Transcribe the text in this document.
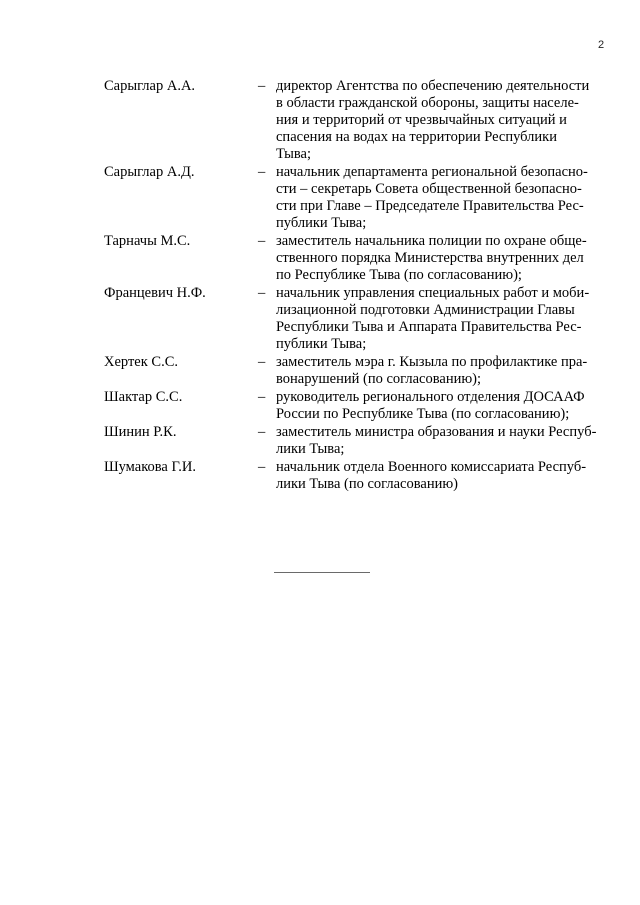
2
Сарыглар А.А.	– директор Агентства по обеспечению деятельности
в области гражданской обороны, защиты населе-
ния и территорий от чрезвычайных ситуаций и
спасения на водах на территории Республики
Тыва;
Сарыглар А.Д.	– начальник департамента региональной безопасно-
сти – секретарь Совета общественной безопасно-
сти при Главе – Председателе Правительства Рес-
публики Тыва;
Тарначы М.С.	– заместитель начальника полиции по охране обще-
ственного порядка Министерства внутренних дел
по Республике Тыва (по согласованию);
Францевич Н.Ф.	– начальник управления специальных работ и моби-
лизационной подготовки Администрации Главы
Республики Тыва и Аппарата Правительства Рес-
публики Тыва;
Хертек С.С.	– заместитель мэра г. Кызыла по профилактике пра-
вонарушений (по согласованию);
Шактар С.С.	– руководитель регионального отделения ДОСААФ
России по Республике Тыва (по согласованию);
Шинин Р.К.	– заместитель министра образования и науки Респуб-
лики Тыва;
Шумакова Г.И.	– начальник отдела Военного комиссариата Респуб-
лики Тыва (по согласованию)
